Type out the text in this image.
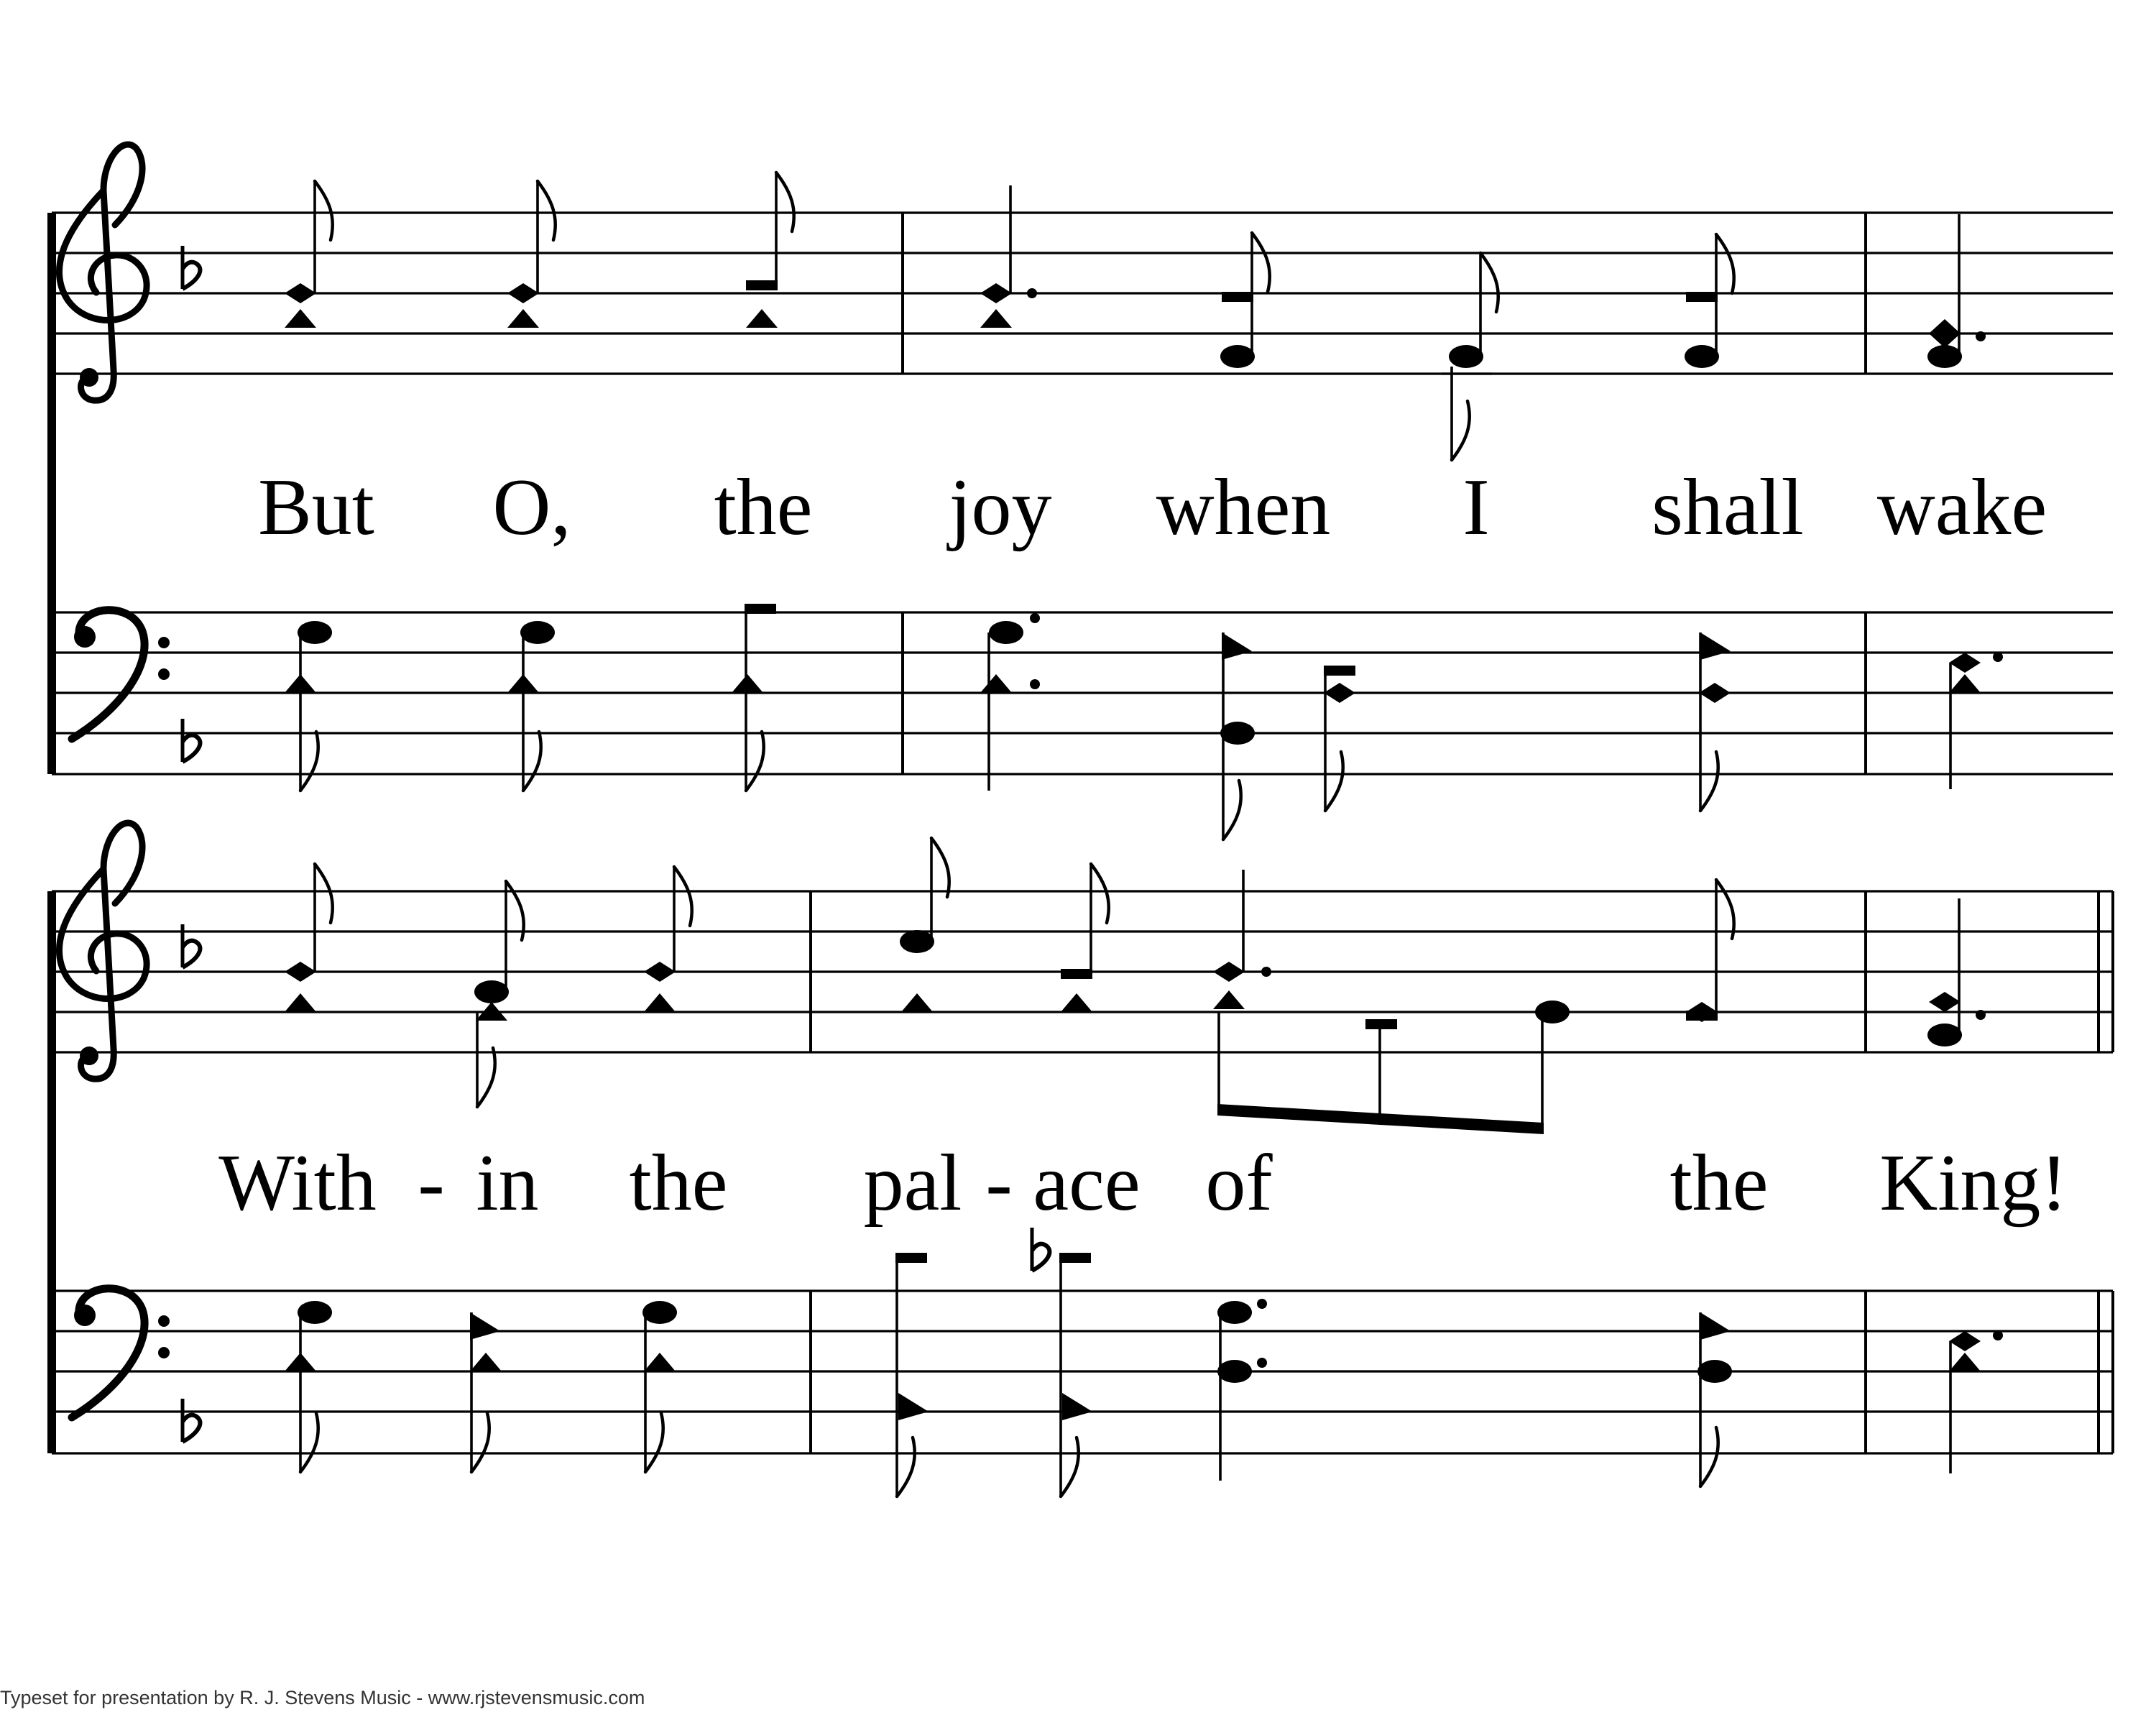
But O, the joy when I shall wake
With - in the pal - ace of	the King!
Typeset for presentation by R. J. Stevens Music - www.rjstevensmusic.com
